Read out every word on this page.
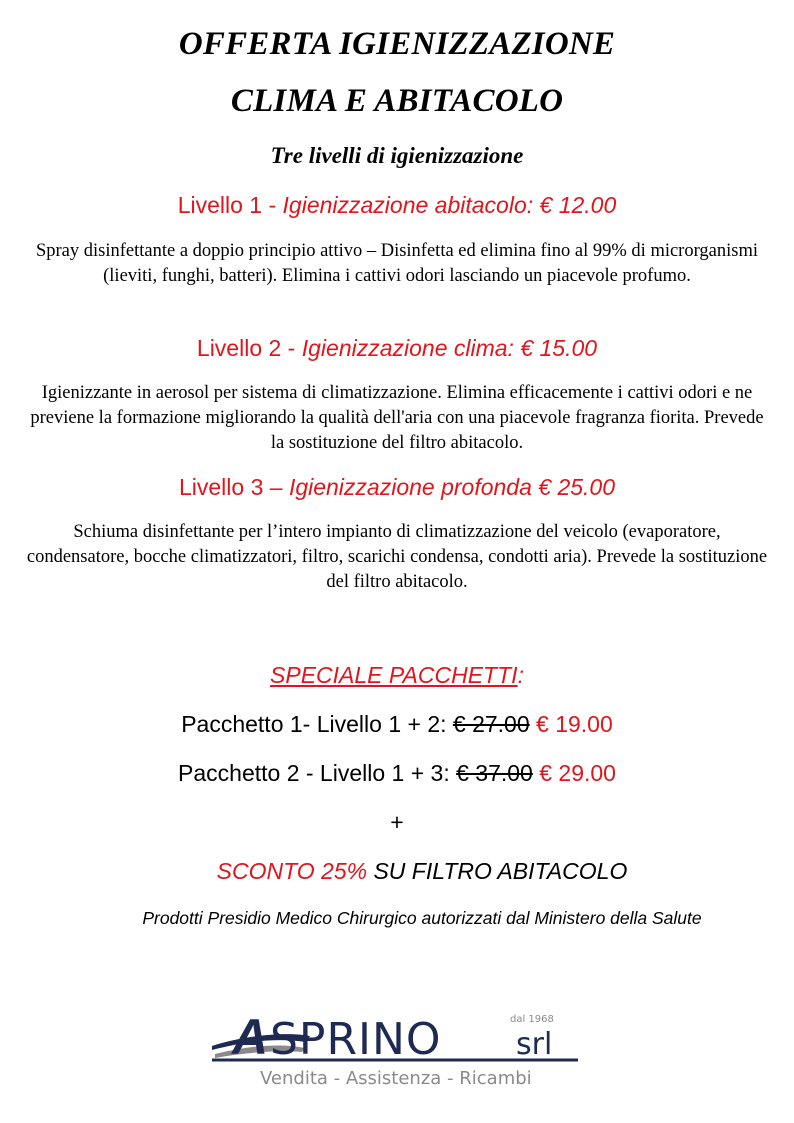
OFFERTA IGIENIZZAZIONE

CLIMA E ABITACOLO

Tre livelli di igienizzazione

Livello 1 - Igienizzazione abitacolo: € 12.00

Spray disinfettante a doppio principio attivo – Disinfetta ed elimina fino al 99% di microrganismi (lieviti, funghi, batteri). Elimina i cattivi odori lasciando un piacevole profumo.

Livello 2 - Igienizzazione clima: € 15.00

Igienizzante in aerosol per sistema di climatizzazione. Elimina efficacemente i cattivi odori e ne previene la formazione migliorando la qualità dell'aria con una piacevole fragranza fiorita. Prevede la sostituzione del filtro abitacolo.

Livello 3 – Igienizzazione profonda € 25.00

Schiuma disinfettante per l’intero impianto di climatizzazione del veicolo (evaporatore, condensatore, bocche climatizzatori, filtro, scarichi condensa, condotti aria). Prevede la sostituzione del filtro abitacolo.

SPECIALE PACCHETTI:

Pacchetto 1- Livello 1 + 2: € 27.00 € 19.00

Pacchetto 2 - Livello 1 + 3: € 37.00 € 29.00

+

SCONTO 25% SU FILTRO ABITACOLO

Prodotti Presidio Medico Chirurgico autorizzati dal Ministero della Salute

A SPRINO	dal 1968
srl
Vendita - Assistenza - Ricambi
